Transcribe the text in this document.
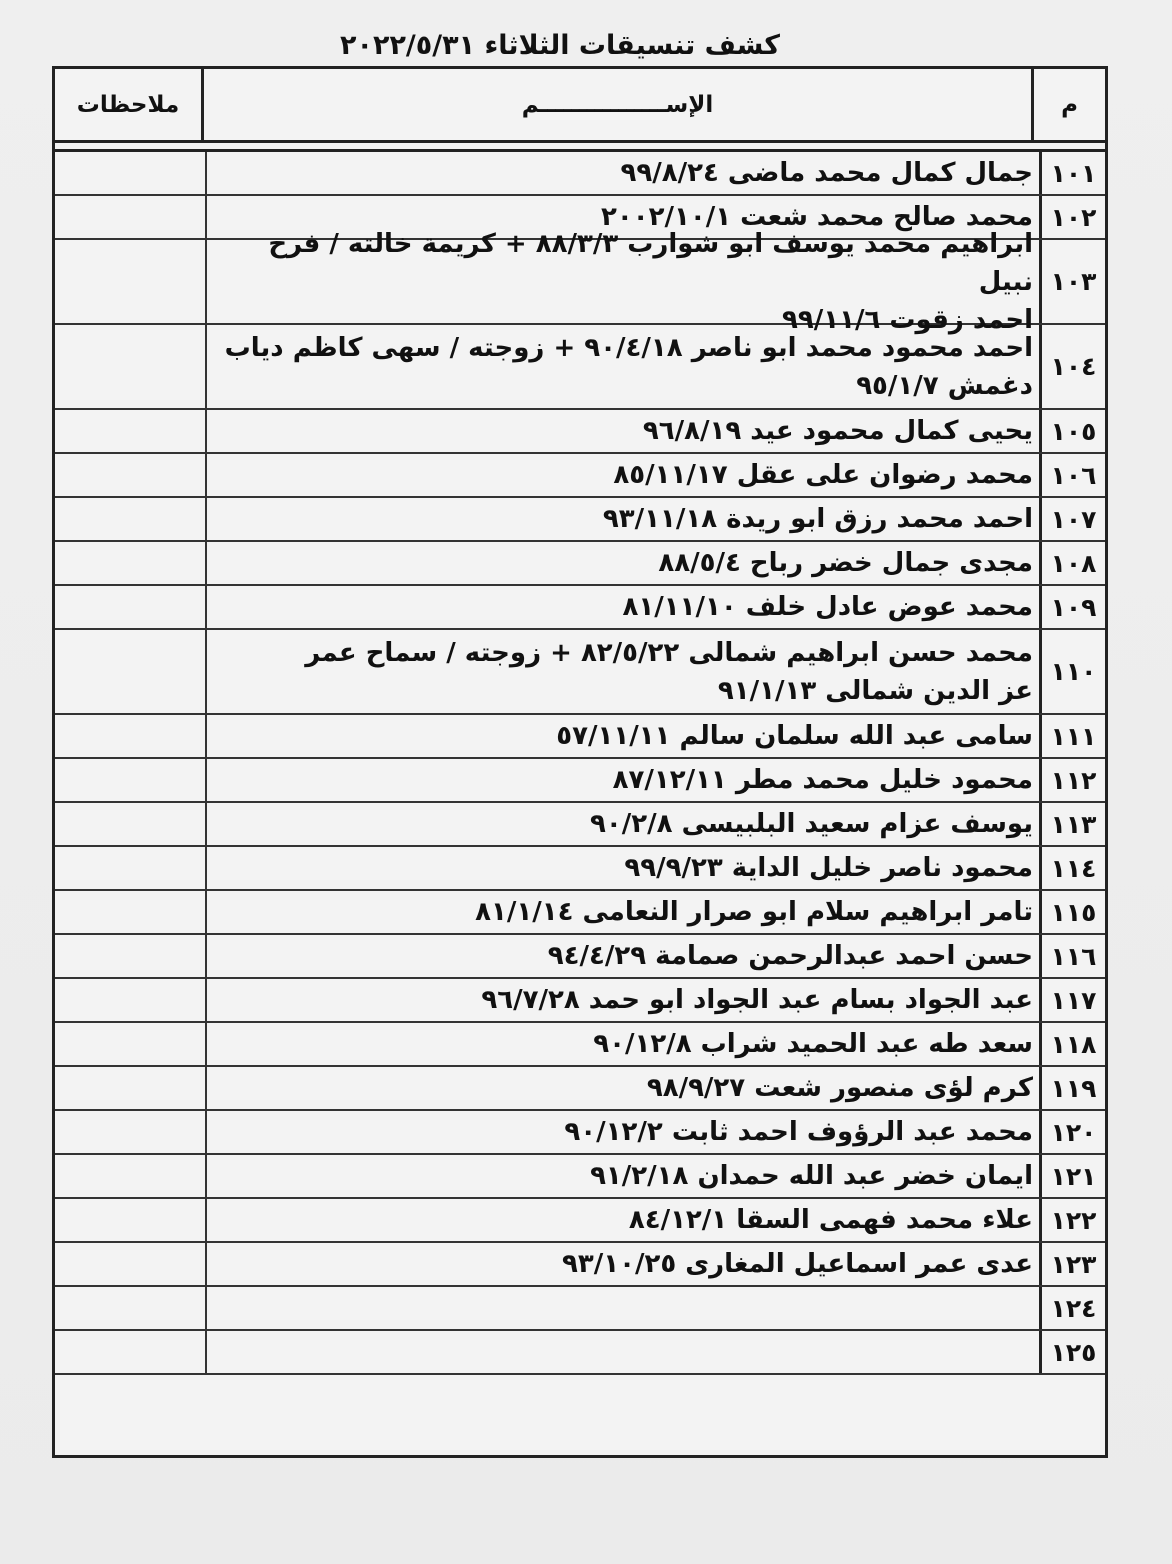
كشف تنسيقات الثلاثاء ٢٠٢٢/٥/٣١
م
الإســــــــــــــــم
ملاحظات
١٠١
جمال كمال محمد ماضى ٩٩/٨/٢٤
١٠٢
محمد صالح محمد شعت ٢٠٠٢/١٠/١
١٠٣
ابراهيم محمد يوسف ابو شوارب ٨٨/٣/٣ + كريمة خالته / فرح نبيل
احمد زقوت ٩٩/١١/٦
١٠٤
احمد محمود محمد ابو ناصر ٩٠/٤/١٨ + زوجته / سهى كاظم دياب
دغمش ٩٥/١/٧
١٠٥
يحيى كمال محمود عيد ٩٦/٨/١٩
١٠٦
محمد رضوان على عقل ٨٥/١١/١٧
١٠٧
احمد محمد رزق ابو ريدة ٩٣/١١/١٨
١٠٨
مجدى جمال خضر رباح ٨٨/٥/٤
١٠٩
محمد عوض عادل خلف ٨١/١١/١٠
١١٠
محمد حسن ابراهيم شمالى ٨٢/٥/٢٢ + زوجته / سماح عمر
عز الدين شمالى ٩١/١/١٣
١١١
سامى عبد الله سلمان سالم ٥٧/١١/١١
١١٢
محمود خليل محمد مطر ٨٧/١٢/١١
١١٣
يوسف عزام سعيد البلبيسى ٩٠/٢/٨
١١٤
محمود ناصر خليل الداية ٩٩/٩/٢٣
١١٥
تامر ابراهيم سلام ابو صرار النعامى ٨١/١/١٤
١١٦
حسن احمد عبدالرحمن صمامة ٩٤/٤/٢٩
١١٧
عبد الجواد بسام عبد الجواد ابو حمد ٩٦/٧/٢٨
١١٨
سعد طه عبد الحميد شراب ٩٠/١٢/٨
١١٩
كرم لؤى منصور شعت ٩٨/٩/٢٧
١٢٠
محمد عبد الرؤوف احمد ثابت ٩٠/١٢/٢
١٢١
ايمان خضر عبد الله حمدان ٩١/٢/١٨
١٢٢
علاء محمد فهمى السقا ٨٤/١٢/١
١٢٣
عدى عمر اسماعيل المغارى ٩٣/١٠/٢٥
١٢٤
١٢٥
